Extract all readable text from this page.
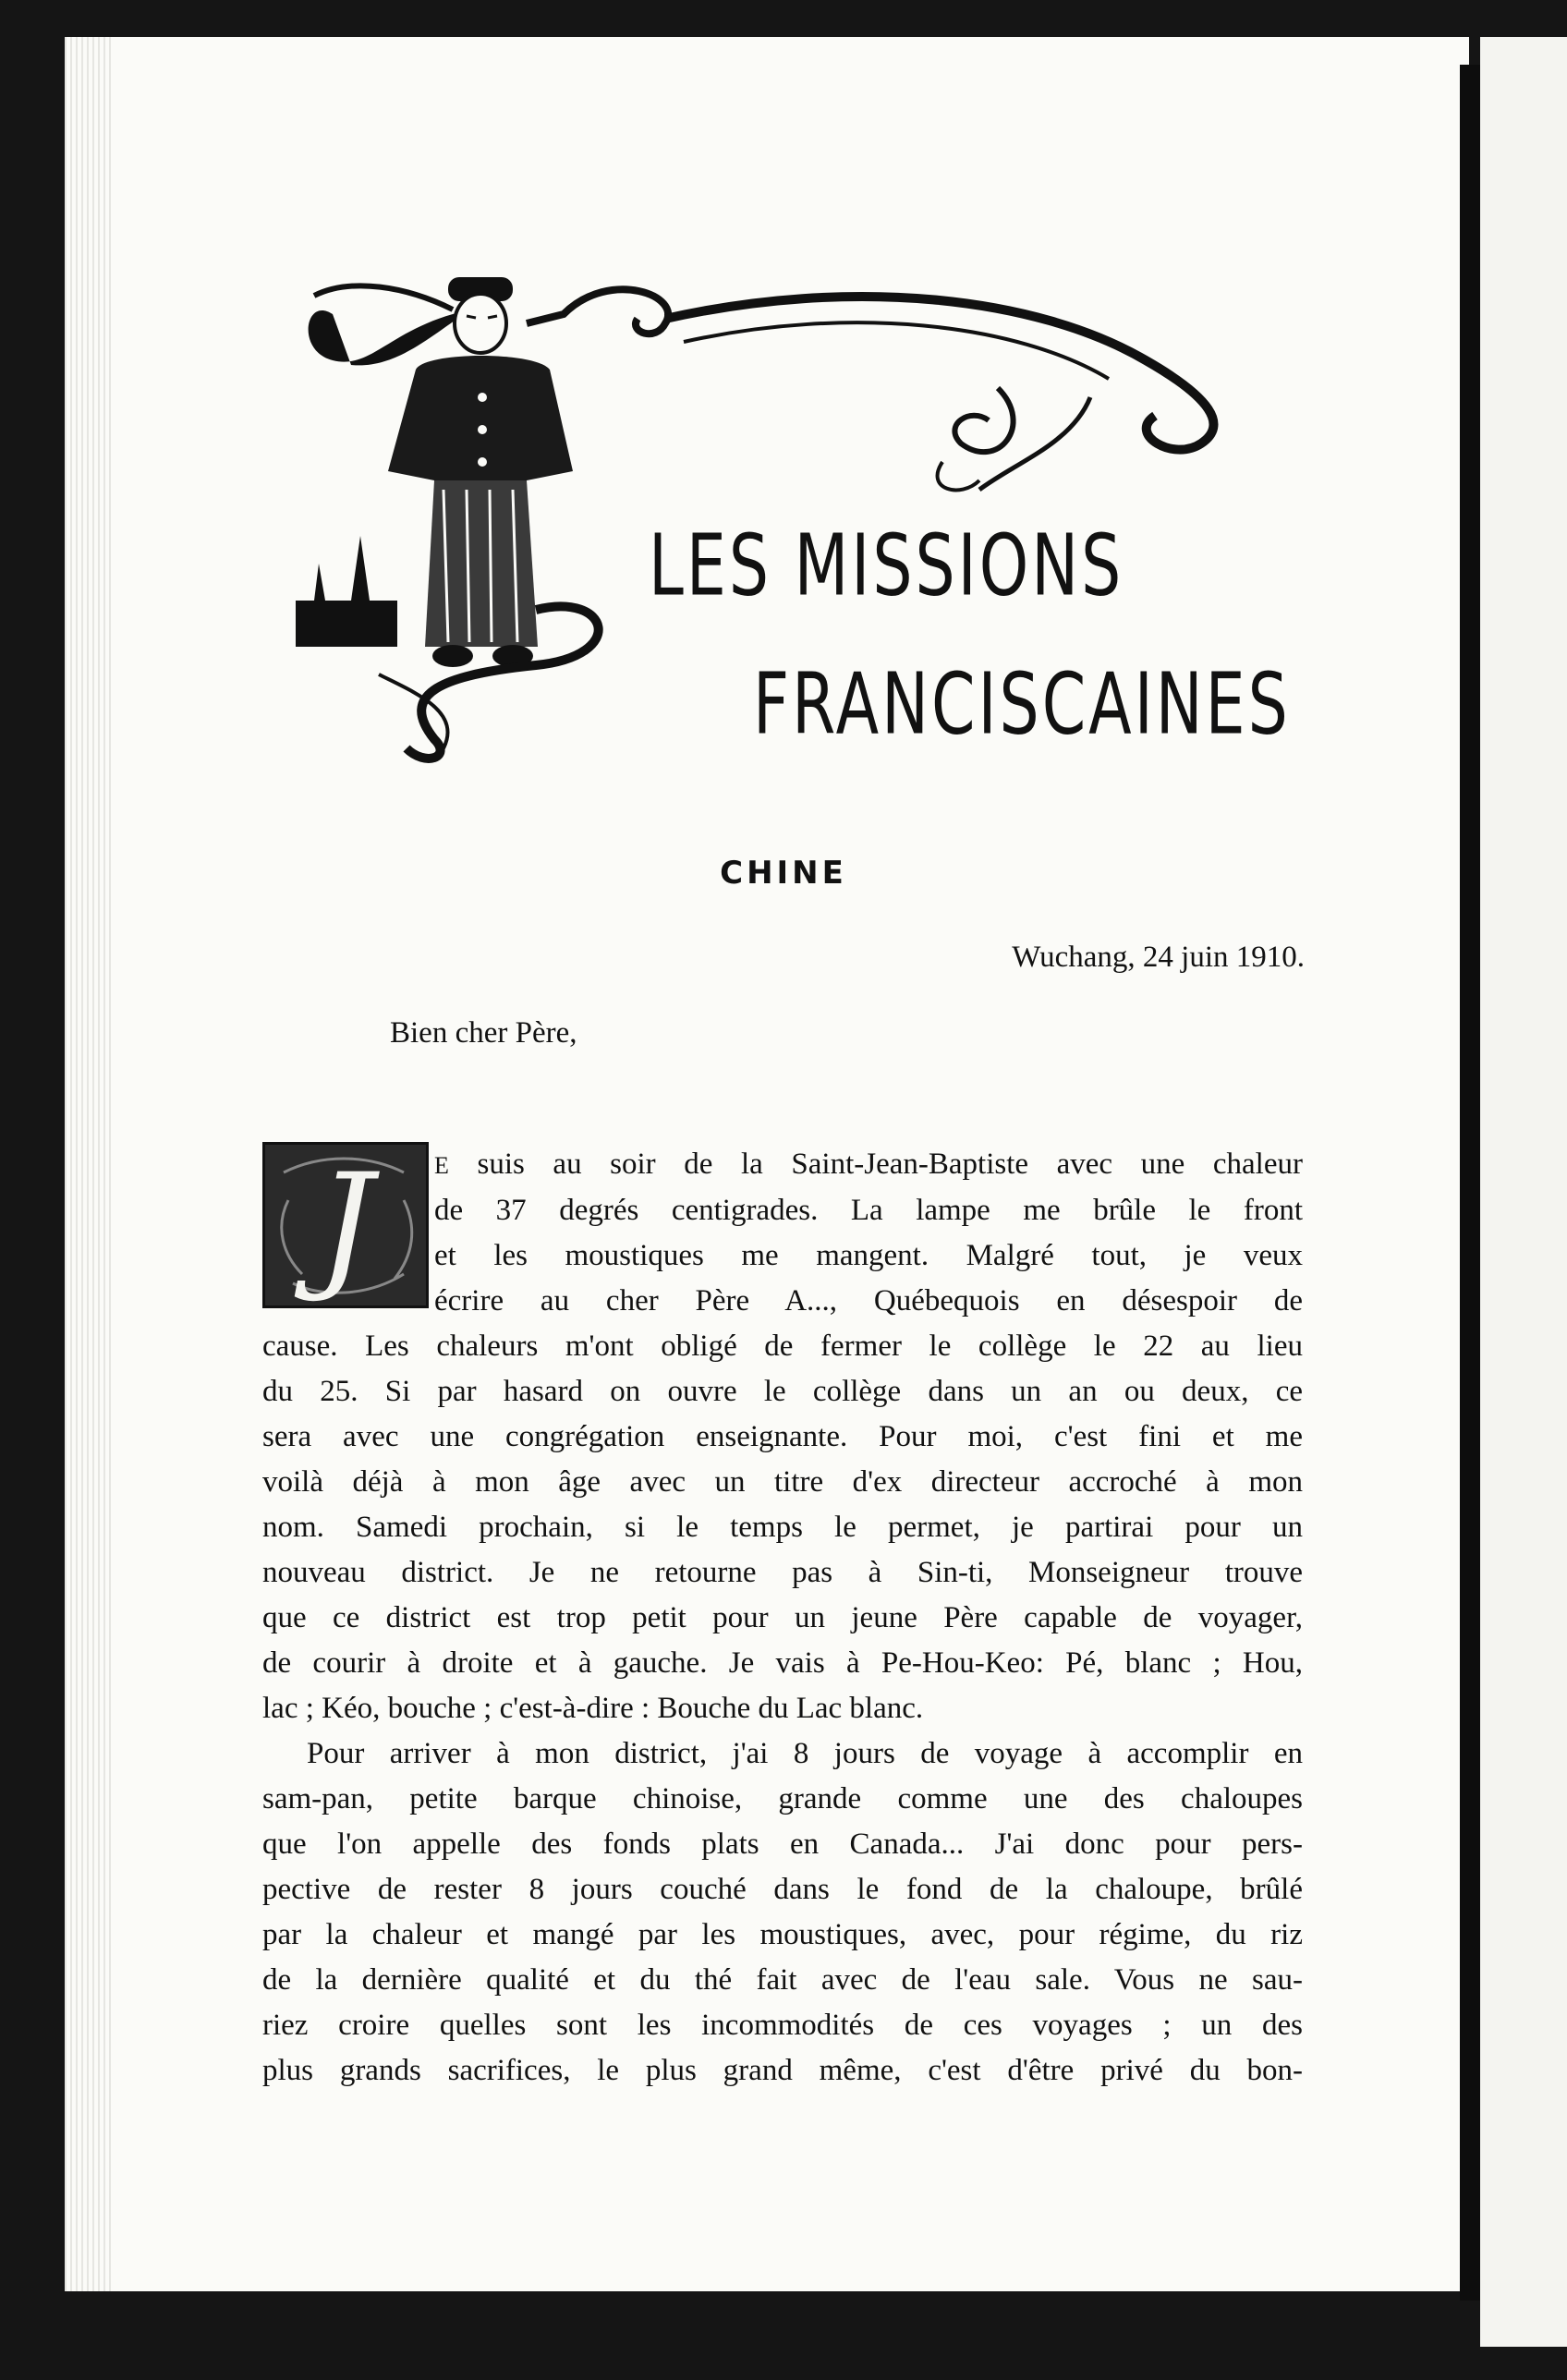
LES MISSIONS
FRANCISCAINES
CHINE
Wuchang, 24 juin 1910.
Bien cher Père,
J	E suis au soir de la Saint-Jean-Baptiste avec une chaleur
de 37 degrés centigrades. La lampe me brûle le front
et les moustiques me mangent. Malgré tout, je veux
écrire au cher Père A..., Québequois en désespoir de
cause. Les chaleurs m'ont obligé de fermer le collège le 22 au lieu
du 25. Si par hasard on ouvre le collège dans un an ou deux, ce
sera avec une congrégation enseignante. Pour moi, c'est fini et me
voilà déjà à mon âge avec un titre d'ex directeur accroché à mon
nom. Samedi prochain, si le temps le permet, je partirai pour un
nouveau district. Je ne retourne pas à Sin-ti, Monseigneur trouve
que ce district est trop petit pour un jeune Père capable de voyager,
de courir à droite et à gauche. Je vais à Pe-Hou-Keo: Pé, blanc ; Hou,
lac ; Kéo, bouche ; c'est-à-dire : Bouche du Lac blanc.
Pour arriver à mon district, j'ai 8 jours de voyage à accomplir en
sam-pan, petite barque chinoise, grande comme une des chaloupes
que l'on appelle des fonds plats en Canada... J'ai donc pour pers-
pective de rester 8 jours couché dans le fond de la chaloupe, brûlé
par la chaleur et mangé par les moustiques, avec, pour régime, du riz
de la dernière qualité et du thé fait avec de l'eau sale. Vous ne sau-
riez croire quelles sont les incommodités de ces voyages ; un des
plus grands sacrifices, le plus grand même, c'est d'être privé du bon-
